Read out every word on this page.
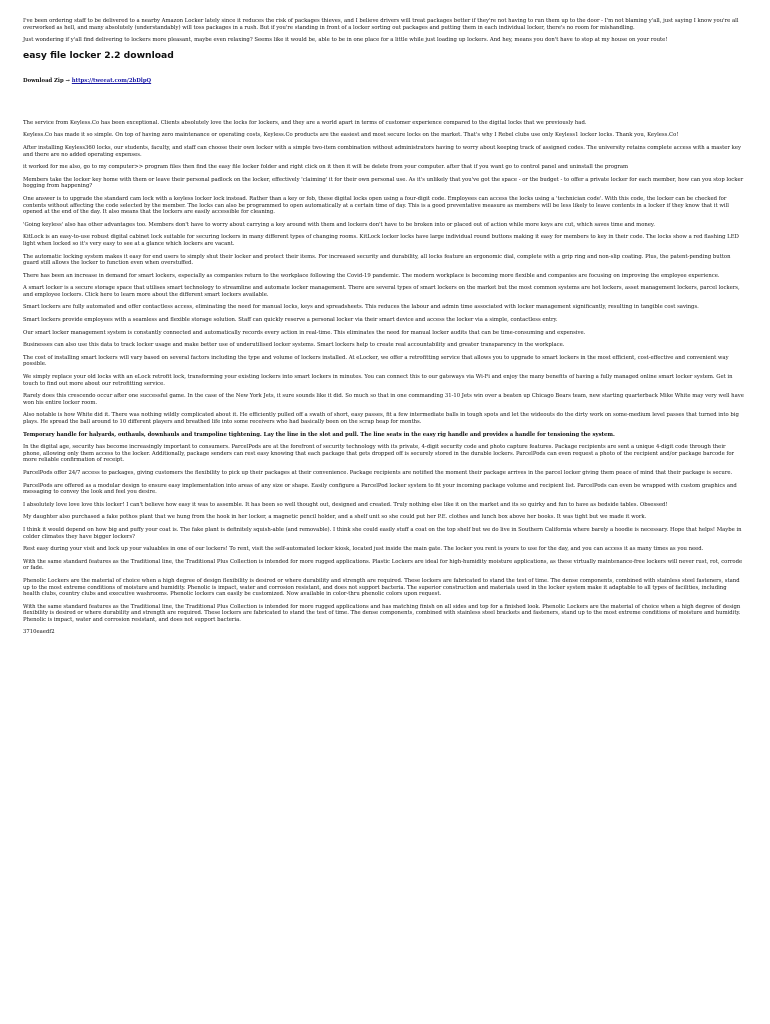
I've been ordering staff to be delivered to a nearby Amazon Locker lately since it reduces the risk of packages thieves, and I believe drivers will treat packages better if they're not having to run them up to the door - I'm not blaming y'all, just saying I know you're all overworked as hell, and many absolutely (understandably) will toss packages in a rush. But if you're standing in front of a locker sorting out packages and putting them in each individual locker, there's no room for mishandling.

Just wondering if y'all find delivering to lockers more pleasant, maybe even relaxing? Seems like it would be, able to be in one place for a little while just loading up lockers. And hey, means you don't have to stop at my house on your route!

easy file locker 2.2 download
Download Zip → https://tweeat.com/2bDlpQ

The service from Keyless.Co has been exceptional. Clients absolutely love the locks for lockers, and they are a world apart in terms of customer experience compared to the digital locks that we previously had.

Keyless.Co has made it so simple. On top of having zero maintenance or operating costs, Keyless.Co products are the easiest and most secure locks on the market. That's why I Rebel clubs use only Keyless1 locker locks. Thank you, Keyless.Co!

After installing Keyless360 locks, our students, faculty, and staff can choose their own locker with a simple two-item combination without administrators having to worry about keeping track of assigned codes. The university retains complete access with a master key and there are no added operating expenses.

it worked for me also, go to my computer>> program files then find the easy file locker folder and right click on it then it will be delete from your computer. after that if you want go to control panel and uninstall the program

Members take the locker key home with them or leave their personal padlock on the locker, effectively 'claiming' it for their own personal use. As it's unlikely that you've got the space - or the budget - to offer a private locker for each member, how can you stop locker hogging from happening?

One answer is to upgrade the standard cam lock with a keyless locker lock instead. Rather than a key or fob, these digital locks open using a four-digit code. Employees can access the locks using a 'technician code'. With this code, the locker can be checked for contents without affecting the code selected by the member. The locks can also be programmed to open automatically at a certain time of day. This is a good preventative measure as members will be less likely to leave contents in a locker if they know that it will opened at the end of the day. It also means that the lockers are easily accessible for cleaning.

'Going keyless' also has other advantages too. Members don't have to worry about carrying a key around with them and lockers don't have to be broken into or placed out of action while more keys are cut, which saves time and money.

KitLock is an easy-to-use robust digital cabinet lock suitable for securing lockers in many different types of changing rooms. KitLock locker locks have large individual round buttons making it easy for members to key in their code. The locks show a red flashing LED light when locked so it's very easy to see at a glance which lockers are vacant.

The automatic locking system makes it easy for end users to simply shut their locker and protect their items. For increased security and durability, all locks feature an ergonomic dial, complete with a grip ring and non-slip coating. Plus, the patent-pending button guard still allows the locker to function even when overstuffed.

There has been an increase in demand for smart lockers, especially as companies return to the workplace following the Covid-19 pandemic. The modern workplace is becoming more flexible and companies are focusing on improving the employee experience.

A smart locker is a secure storage space that utilises smart technology to streamline and automate locker management. There are several types of smart lockers on the market but the most common systems are hot lockers, asset management lockers, parcel lockers, and employee lockers. Click here to learn more about the different smart lockers available.

Smart lockers are fully automated and offer contactless access, eliminating the need for manual locks, keys and spreadsheets. This reduces the labour and admin time associated with locker management significantly, resulting in tangible cost savings.

Smart lockers provide employees with a seamless and flexible storage solution. Staff can quickly reserve a personal locker via their smart device and access the locker via a simple, contactless entry.

Our smart locker management system is constantly connected and automatically records every action in real-time. This eliminates the need for manual locker audits that can be time-consuming and expensive.

Businesses can also use this data to track locker usage and make better use of underutilised locker systems. Smart lockers help to create real accountability and greater transparency in the workplace.

The cost of installing smart lockers will vary based on several factors including the type and volume of lockers installed. At eLocker, we offer a retrofitting service that allows you to upgrade to smart lockers in the most efficient, cost-effective and convenient way possible.

We simply replace your old locks with an eLock retrofit lock, transforming your existing lockers into smart lockers in minutes. You can connect this to our gateways via Wi-Fi and enjoy the many benefits of having a fully managed online smart locker system. Get in touch to find out more about our retrofitting service.

Rarely does this crescendo occur after one successful game. In the case of the New York Jets, it sure sounds like it did. So much so that in one commanding 31-10 Jets win over a beaten up Chicago Bears team, new starting quarterback Mike White may very well have won his entire locker room.

Also notable is how White did it. There was nothing wildly complicated about it. He efficiently pulled off a swath of short, easy passes, fit a few intermediate balls in tough spots and let the wideouts do the dirty work on some-medium level passes that turned into big plays. He spread the ball around to 10 different players and breathed life into some receivers who had basically been on the scrap heap for months.

Temporary handle for halyards, outhauls, downhauls and trampoline tightening. Lay the line in the slot and pull. The line seats in the easy rig handle and provides a handle for tensioning the system.

In the digital age, security has become increasingly important to consumers. ParcelPods are at the forefront of security technology with its private, 4-digit security code and photo capture features. Package recipients are sent a unique 4-digit code through their phone, allowing only them access to the locker. Additionally, package senders can rest easy knowing that each package that gets dropped off is securely stored in the durable lockers. ParcelPods can even request a photo of the recipient and/or package barcode for more reliable confirmation of receipt.

ParcelPods offer 24/7 access to packages, giving customers the flexibility to pick up their packages at their convenience. Package recipients are notified the moment their package arrives in the parcel locker giving them peace of mind that their package is secure.

ParcelPods are offered as a modular design to ensure easy implementation into areas of any size or shape. Easily configure a ParcelPod locker system to fit your incoming package volume and recipient list. ParcelPods can even be wrapped with custom graphics and messaging to convey the look and feel you desire.

I absolutely love love love this locker! I can't believe how easy it was to assemble. It has been so well thought out, designed and created. Truly nothing else like it on the market and its so quirky and fun to have as bedside tables. Obsessed!

My daughter also purchased a fake pothos plant that we hung from the hook in her locker, a magnetic pencil holder, and a shelf unit so she could put her P.E. clothes and lunch box above her books. It was tight but we made it work.

I think it would depend on how big and puffy your coat is. The fake plant is definitely squish-able (and removable). I think she could easily stuff a coat on the top shelf but we do live in Southern California where barely a hoodie is necessary. Hope that helps! Maybe in colder climates they have bigger lockers?

Rest easy during your visit and lock up your valuables in one of our lockers! To rent, visit the self-automated locker kiosk, located just inside the main gate. The locker you rent is yours to use for the day, and you can access it as many times as you need.

With the same standard features as the Traditional line, the Traditional Plus Collection is intended for more rugged applications. Plastic Lockers are ideal for high-humidity moisture applications, as these virtually maintenance-free lockers will never rust, rot, corrode or fade.

Phenolic Lockers are the material of choice when a high degree of design flexibility is desired or where durability and strength are required. These lockers are fabricated to stand the test of time. The dense components, combined with stainless steel fasteners, stand up to the most extreme conditions of moisture and humidity. Phenolic is impact, water and corrosion resistant, and does not support bacteria. The superior construction and materials used in the locker system make it adaptable to all types of facilities, including health clubs, country clubs and executive washrooms. Phenolic lockers can easily be customized. Now available in color-thru phenolic colors upon request.

With the same standard features as the Traditional line, the Traditional Plus Collection is intended for more rugged applications and has matching finish on all sides and top for a finished look. Phenolic Lockers are the material of choice when a high degree of design flexibility is desired or where durability and strength are required. These lockers are fabricated to stand the test of time. The dense components, combined with stainless steel brackets and fasteners, stand up to the most extreme conditions of moisture and humidity. Phenolic is impact, water and corrosion resistant, and does not support bacteria.

3710eaedf2
